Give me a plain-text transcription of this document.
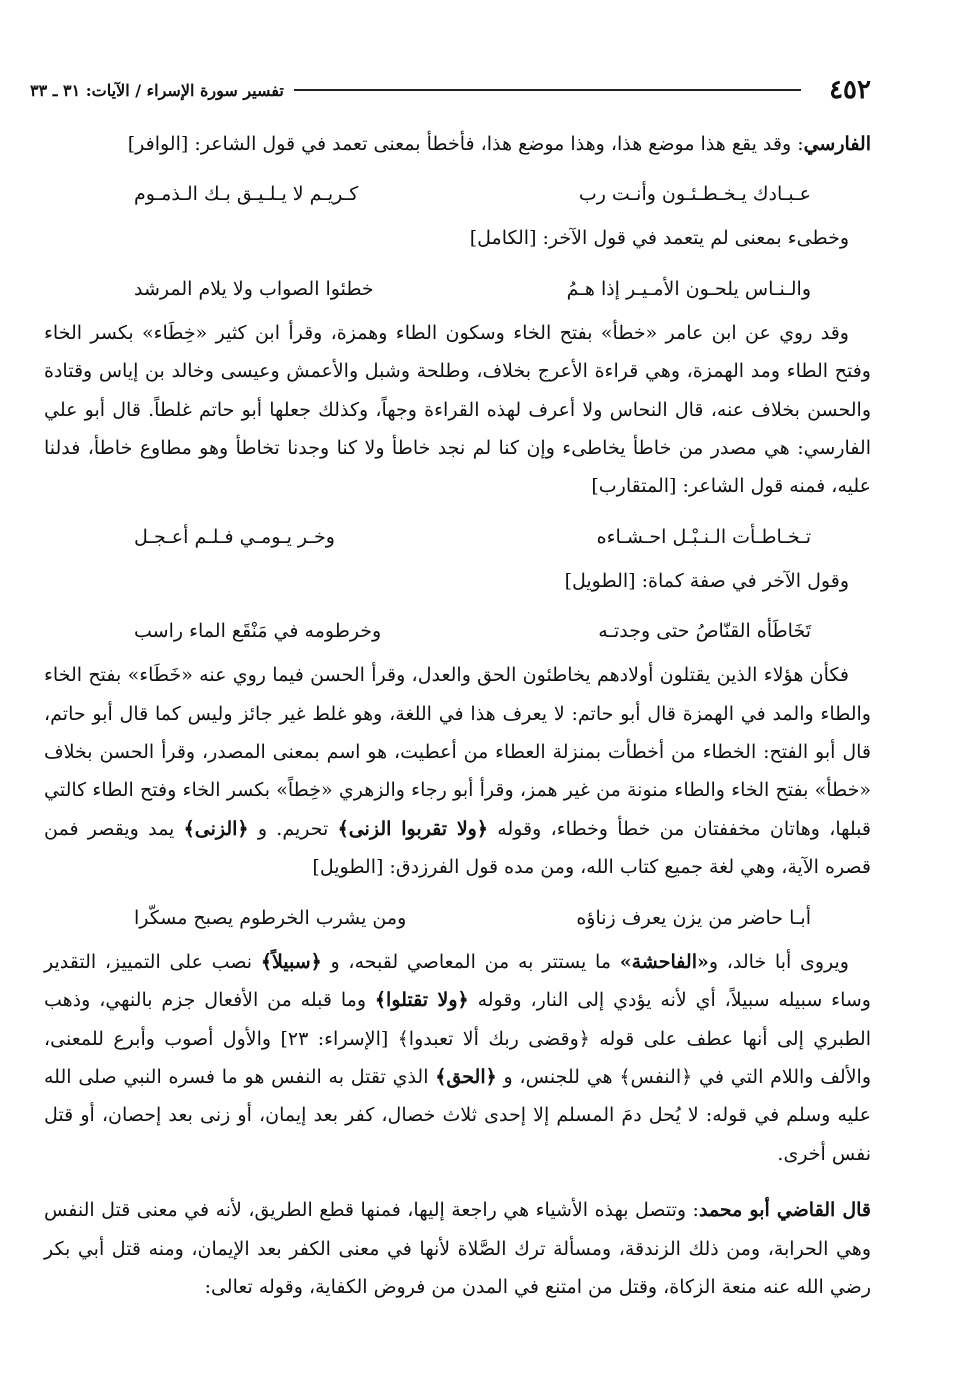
٤٥٢
تفسير سورة الإسراء / الآيات: ٣١ ـ ٣٣

الفارسي: وقد يقع هذا موضع هذا، وهذا موضع هذا، فأخطأ بمعنى تعمد في قول الشاعر: [الوافر]

عـبـادك يـخـطـئـون وأنـت رب
كـريـم لا يـلـيـق بـك الـذمـوم

وخطىء بمعنى لم يتعمد في قول الآخر: [الكامل]

والـنـاس يلحـون الأمـيـر إذا هـمُ
خطئوا الصواب ولا يلام المرشد

وقد روي عن ابن عامر «خطأ» بفتح الخاء وسكون الطاء وهمزة، وقرأ ابن كثير «خِطَاء» بكسر الخاء وفتح الطاء ومد الهمزة، وهي قراءة الأعرج بخلاف، وطلحة وشبل والأعمش وعيسى وخالد بن إياس وقتادة والحسن بخلاف عنه، قال النحاس ولا أعرف لهذه القراءة وجهاً، وكذلك جعلها أبو حاتم غلطاً. قال أبو علي الفارسي: هي مصدر من خاطأ يخاطىء وإن كنا لم نجد خاطأ ولا كنا وجدنا تخاطأ وهو مطاوع خاطأ، فدلنا عليه، فمنه قول الشاعر: [المتقارب]

تـخـاطـأت الـنـبْـل احـشـاءه
وخـر يـومـي فـلـم أعـجـل

وقول الآخر في صفة كماة: [الطويل]

تَخَاطَأه القنّاصُ حتى وجدتـه
وخرطومه في مَنْقَع الماء راسب

فكأن هؤلاء الذين يقتلون أولادهم يخاطئون الحق والعدل، وقرأ الحسن فيما روي عنه «خَطَاء» بفتح الخاء والطاء والمد في الهمزة قال أبو حاتم: لا يعرف هذا في اللغة، وهو غلط غير جائز وليس كما قال أبو حاتم، قال أبو الفتح: الخطاء من أخطأت بمنزلة العطاء من أعطيت، هو اسم بمعنى المصدر، وقرأ الحسن بخلاف «خطأ» بفتح الخاء والطاء منونة من غير همز، وقرأ أبو رجاء والزهري «خِطاً» بكسر الخاء وفتح الطاء كالتي قبلها، وهاتان مخففتان من خطأ وخطاء، وقوله ﴿ولا تقربوا الزنى﴾ تحريم. و ﴿الزنى﴾ يمد ويقصر فمن قصره الآية، وهي لغة جميع كتاب الله، ومن مده قول الفرزدق: [الطويل]

أبـا حاضر من يزن يعرف زناؤه
ومن يشرب الخرطوم يصبح مسكّرا

ويروى أبا خالد، و«الفاحشة» ما يستتر به من المعاصي لقبحه، و ﴿سبيلاً﴾ نصب على التمييز، التقدير وساء سبيله سبيلاً، أي لأنه يؤدي إلى النار، وقوله ﴿ولا تقتلوا﴾ وما قبله من الأفعال جزم بالنهي، وذهب الطبري إلى أنها عطف على قوله ﴿وقضى ربك ألا تعبدوا﴾ [الإسراء: ٢٣] والأول أصوب وأبرع للمعنى، والألف واللام التي في ﴿النفس﴾ هي للجنس، و ﴿الحق﴾ الذي تقتل به النفس هو ما فسره النبي صلى الله عليه وسلم في قوله: لا يُحل دمَ المسلم إلا إحدى ثلاث خصال، كفر بعد إيمان، أو زنى بعد إحصان، أو قتل نفس أخرى.

قال القاضي أبو محمد: وتتصل بهذه الأشياء هي راجعة إليها، فمنها قطع الطريق، لأنه في معنى قتل النفس وهي الحرابة، ومن ذلك الزندقة، ومسألة ترك الصَّلاة لأنها في معنى الكفر بعد الإيمان، ومنه قتل أبي بكر رضي الله عنه منعة الزكاة، وقتل من امتنع في المدن من فروض الكفاية، وقوله تعالى:
